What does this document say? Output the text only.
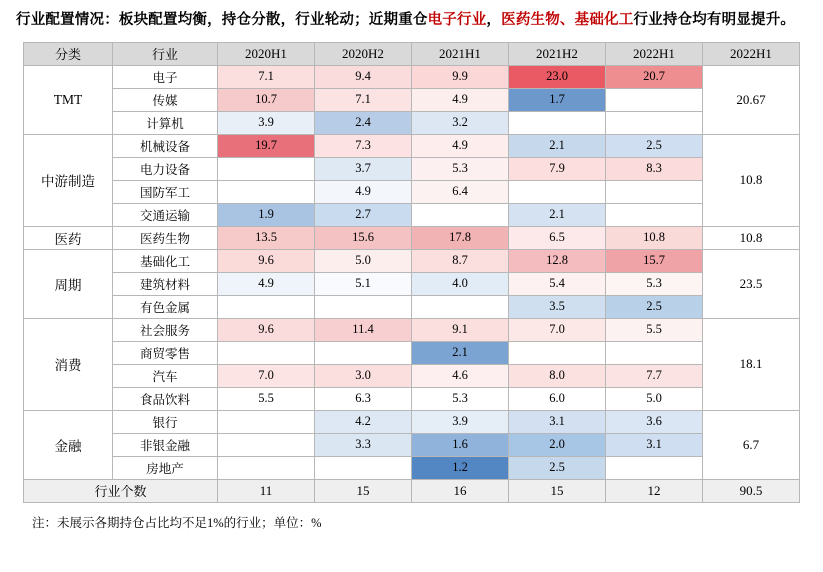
行业配置情况：板块配置均衡，持仓分散，行业轮动；近期重仓电子行业，医药生物、基础化工行业持仓均有明显提升。
分类	行业	2020H1	2020H2	2021H1	2021H2	2022H1	2022H1
TMT	电子	7.1	9.4	9.9	23.0	20.7	20.67
	传媒	10.7	7.1	4.9	1.7		
	计算机	3.9	2.4	3.2			
中游制造	机械设备	19.7	7.3	4.9	2.1	2.5	10.8
	电力设备		3.7	5.3	7.9	8.3	
	国防军工		4.9	6.4			
	交通运输	1.9	2.7		2.1		
医药	医药生物	13.5	15.6	17.8	6.5	10.8	10.8
周期	基础化工	9.6	5.0	8.7	12.8	15.7	23.5
	建筑材料	4.9	5.1	4.0	5.4	5.3	
	有色金属				3.5	2.5	
消费	社会服务	9.6	11.4	9.1	7.0	5.5	18.1
	商贸零售			2.1			
	汽车	7.0	3.0	4.6	8.0	7.7	
	食品饮料	5.5	6.3	5.3	6.0	5.0	
金融	银行		4.2	3.9	3.1	3.6	6.7
	非银金融		3.3	1.6	2.0	3.1	
	房地产			1.2	2.5		
行业个数		11	15	16	15	12	90.5
注：未展示各期持仓占比均不足1%的行业；单位：%
